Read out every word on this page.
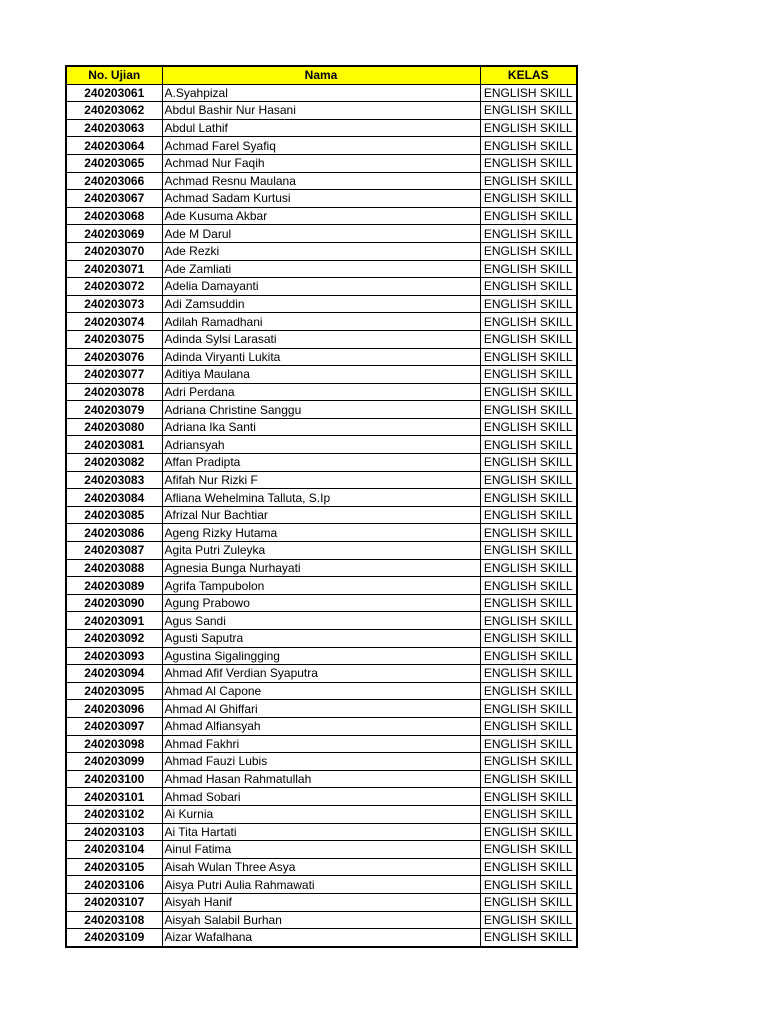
No. Ujian	Nama	KELAS
240203061	A.Syahpizal	ENGLISH SKILL
240203062	Abdul Bashir Nur Hasani	ENGLISH SKILL
240203063	Abdul Lathif	ENGLISH SKILL
240203064	Achmad Farel Syafiq	ENGLISH SKILL
240203065	Achmad Nur Faqih	ENGLISH SKILL
240203066	Achmad Resnu Maulana	ENGLISH SKILL
240203067	Achmad Sadam Kurtusi	ENGLISH SKILL
240203068	Ade Kusuma Akbar	ENGLISH SKILL
240203069	Ade M Darul	ENGLISH SKILL
240203070	Ade Rezki	ENGLISH SKILL
240203071	Ade Zamliati	ENGLISH SKILL
240203072	Adelia Damayanti	ENGLISH SKILL
240203073	Adi Zamsuddin	ENGLISH SKILL
240203074	Adilah Ramadhani	ENGLISH SKILL
240203075	Adinda Sylsi Larasati	ENGLISH SKILL
240203076	Adinda Viryanti Lukita	ENGLISH SKILL
240203077	Aditiya Maulana	ENGLISH SKILL
240203078	Adri Perdana	ENGLISH SKILL
240203079	Adriana Christine Sanggu	ENGLISH SKILL
240203080	Adriana Ika Santi	ENGLISH SKILL
240203081	Adriansyah	ENGLISH SKILL
240203082	Affan Pradipta	ENGLISH SKILL
240203083	Afifah Nur Rizki F	ENGLISH SKILL
240203084	Afliana Wehelmina Talluta, S.Ip	ENGLISH SKILL
240203085	Afrizal Nur Bachtiar	ENGLISH SKILL
240203086	Ageng Rizky Hutama	ENGLISH SKILL
240203087	Agita Putri Zuleyka	ENGLISH SKILL
240203088	Agnesia Bunga Nurhayati	ENGLISH SKILL
240203089	Agrifa Tampubolon	ENGLISH SKILL
240203090	Agung Prabowo	ENGLISH SKILL
240203091	Agus Sandi	ENGLISH SKILL
240203092	Agusti Saputra	ENGLISH SKILL
240203093	Agustina Sigalingging	ENGLISH SKILL
240203094	Ahmad Afif Verdian Syaputra	ENGLISH SKILL
240203095	Ahmad Al Capone	ENGLISH SKILL
240203096	Ahmad Al Ghiffari	ENGLISH SKILL
240203097	Ahmad Alfiansyah	ENGLISH SKILL
240203098	Ahmad Fakhri	ENGLISH SKILL
240203099	Ahmad Fauzi Lubis	ENGLISH SKILL
240203100	Ahmad Hasan Rahmatullah	ENGLISH SKILL
240203101	Ahmad Sobari	ENGLISH SKILL
240203102	Ai Kurnia	ENGLISH SKILL
240203103	Ai Tita Hartati	ENGLISH SKILL
240203104	Ainul Fatima	ENGLISH SKILL
240203105	Aisah Wulan Three Asya	ENGLISH SKILL
240203106	Aisya Putri Aulia Rahmawati	ENGLISH SKILL
240203107	Aisyah Hanif	ENGLISH SKILL
240203108	Aisyah Salabil Burhan	ENGLISH SKILL
240203109	Aizar Wafalhana	ENGLISH SKILL
